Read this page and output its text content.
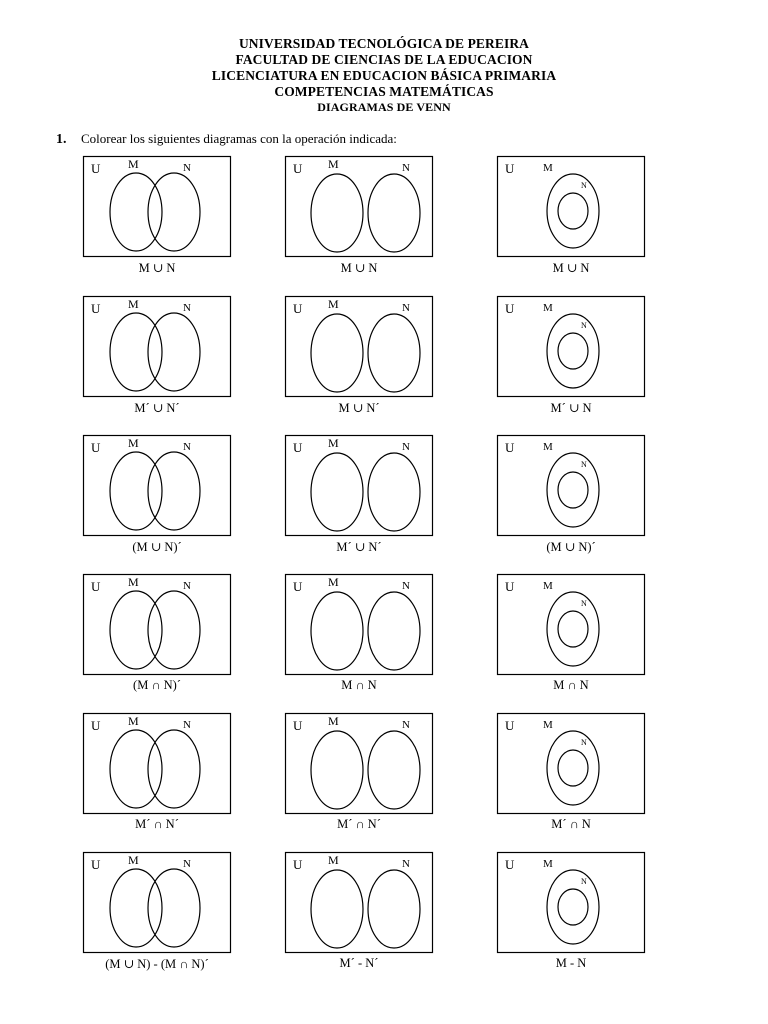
UNIVERSIDAD TECNOLÓGICA DE PEREIRA
FACULTAD DE CIENCIAS DE LA EDUCACION
LICENCIATURA EN EDUCACION BÁSICA PRIMARIA
COMPETENCIAS MATEMÁTICAS
DIAGRAMAS DE VENN
1. Colorear los siguientes diagramas con la operación indicada:
U M	N
M ∪ N
U M	N
M ∪ N
U	M
N
M ∪ N
U M	N
M´ ∪ N´
U M	N
M ∪ N´
U	M
N
M´ ∪ N
U M	N
(M ∪ N)´
U M	N
M´ ∪ N´
U	M
N
(M ∪ N)´
U M	N
(M ∩ N)´
U M	N
M ∩ N
U	M
N
M ∩ N
U M	N
M´ ∩ N´
U M	N
M´ ∩ N´
U	M
N
M´ ∩ N
U M	N
(M ∪ N) - (M ∩ N)´
U M	N
M´ - N´
U	M
N
M - N
